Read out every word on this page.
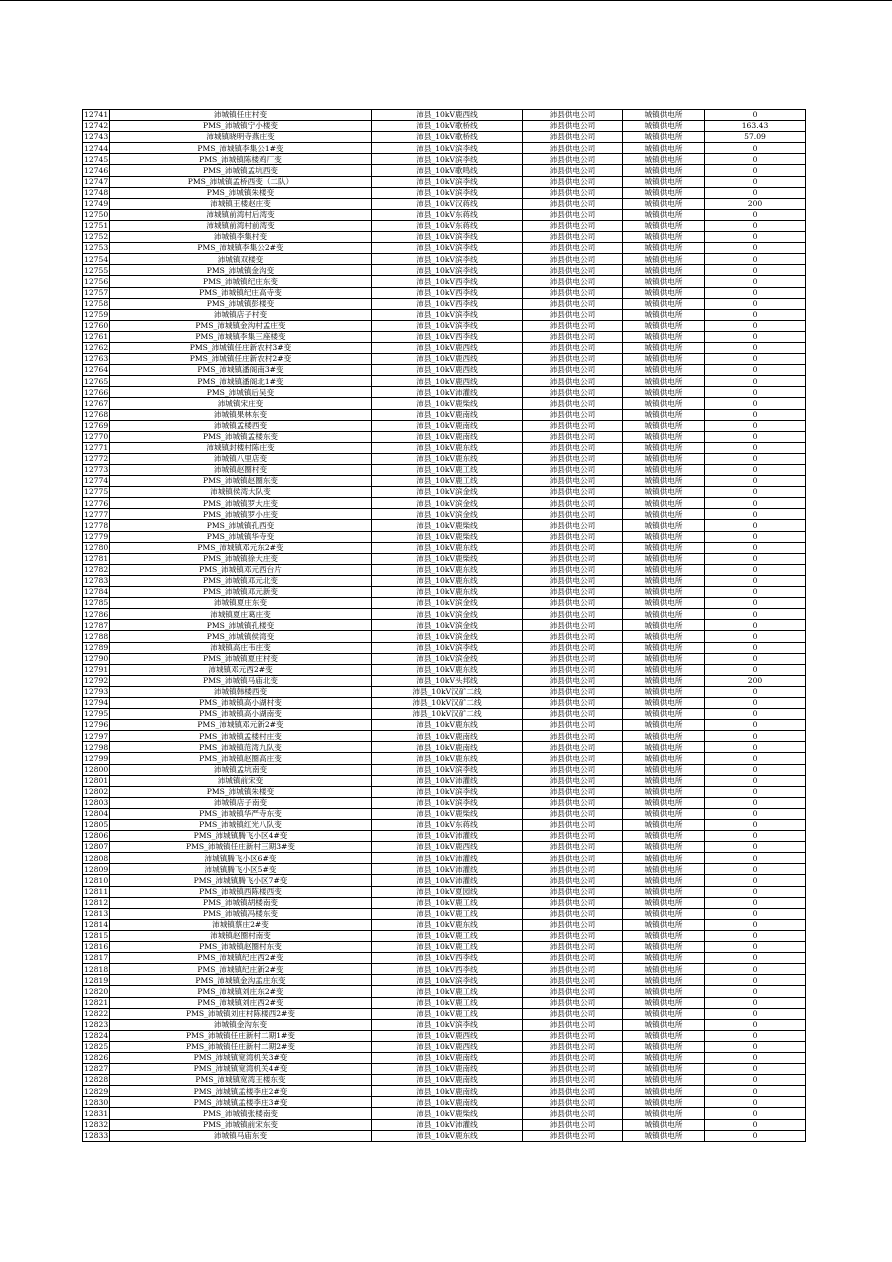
12741	沛城镇任庄村变	沛县_10kV鹿西线	沛县供电公司	城镇供电所	0
12742	PMS_沛城镇宁小楼变	沛县_10kV歌桥线	沛县供电公司	城镇供电所	163.43
12743	沛城镇晓明寺燕庄变	沛县_10kV歌桥线	沛县供电公司	城镇供电所	57.09
12744	PMS_沛城镇李集公1#变	沛县_10kV滨李线	沛县供电公司	城镇供电所	0
12745	PMS_沛城镇陈楼鸡厂变	沛县_10kV滨李线	沛县供电公司	城镇供电所	0
12746	PMS_沛城镇孟坑西变	沛县_10kV歌鸣线	沛县供电公司	城镇供电所	0
12747	PMS_沛城镇孟桥西变（二队）	沛县_10kV滨李线	沛县供电公司	城镇供电所	0
12748	PMS_沛城镇朱楼变	沛县_10kV滨李线	沛县供电公司	城镇供电所	0
12749	沛城镇王楼赵庄变	沛县_10kV汉蒋线	沛县供电公司	城镇供电所	200
12750	沛城镇前湾村后湾变	沛县_10kV东蒋线	沛县供电公司	城镇供电所	0
12751	沛城镇前湾村前湾变	沛县_10kV东蒋线	沛县供电公司	城镇供电所	0
12752	沛城镇李集村变	沛县_10kV滨李线	沛县供电公司	城镇供电所	0
12753	PMS_沛城镇李集公2#变	沛县_10kV滨李线	沛县供电公司	城镇供电所	0
12754	沛城镇双楼变	沛县_10kV滨李线	沛县供电公司	城镇供电所	0
12755	PMS_沛城镇金沟变	沛县_10kV滨李线	沛县供电公司	城镇供电所	0
12756	PMS_沛城镇纪庄东变	沛县_10kV西李线	沛县供电公司	城镇供电所	0
12757	PMS_沛城镇纪庄高寺变	沛县_10kV西李线	沛县供电公司	城镇供电所	0
12758	PMS_沛城镇彭楼变	沛县_10kV西李线	沛县供电公司	城镇供电所	0
12759	沛城镇店子村变	沛县_10kV滨李线	沛县供电公司	城镇供电所	0
12760	PMS_沛城镇金沟村孟庄变	沛县_10kV滨李线	沛县供电公司	城镇供电所	0
12761	PMS_沛城镇李集三座楼变	沛县_10kV西李线	沛县供电公司	城镇供电所	0
12762	PMS_沛城镇任庄新农村3#变	沛县_10kV鹿西线	沛县供电公司	城镇供电所	0
12763	PMS_沛城镇任庄新农村2#变	沛县_10kV鹿西线	沛县供电公司	城镇供电所	0
12764	PMS_沛城镇潘阁南3#变	沛县_10kV鹿西线	沛县供电公司	城镇供电所	0
12765	PMS_沛城镇潘阁北1#变	沛县_10kV鹿西线	沛县供电公司	城镇供电所	0
12766	PMS_沛城镇后吴变	沛县_10kV沛灌线	沛县供电公司	城镇供电所	0
12767	沛城镇宋庄变	沛县_10kV鹿柴线	沛县供电公司	城镇供电所	0
12768	沛城镇果林东变	沛县_10kV鹿南线	沛县供电公司	城镇供电所	0
12769	沛城镇孟楼西变	沛县_10kV鹿南线	沛县供电公司	城镇供电所	0
12770	PMS_沛城镇孟楼东变	沛县_10kV鹿南线	沛县供电公司	城镇供电所	0
12771	沛城镇封楼村陈庄变	沛县_10kV鹿东线	沛县供电公司	城镇供电所	0
12772	沛城镇八里店变	沛县_10kV鹿东线	沛县供电公司	城镇供电所	0
12773	沛城镇赵圈村变	沛县_10kV鹿工线	沛县供电公司	城镇供电所	0
12774	PMS_沛城镇赵圈东变	沛县_10kV鹿工线	沛县供电公司	城镇供电所	0
12775	沛城镇侯湾大队变	沛县_10kV滨金线	沛县供电公司	城镇供电所	0
12776	PMS_沛城镇罗大庄变	沛县_10kV滨金线	沛县供电公司	城镇供电所	0
12777	PMS_沛城镇罗小庄变	沛县_10kV滨金线	沛县供电公司	城镇供电所	0
12778	PMS_沛城镇孔西变	沛县_10kV鹿柴线	沛县供电公司	城镇供电所	0
12779	PMS_沛城镇华寺变	沛县_10kV鹿柴线	沛县供电公司	城镇供电所	0
12780	PMS_沛城镇邓元东2#变	沛县_10kV鹿东线	沛县供电公司	城镇供电所	0
12781	PMS_沛城镇徐大庄变	沛县_10kV鹿柴线	沛县供电公司	城镇供电所	0
12782	PMS_沛城镇邓元西台片	沛县_10kV鹿东线	沛县供电公司	城镇供电所	0
12783	PMS_沛城镇邓元北变	沛县_10kV鹿东线	沛县供电公司	城镇供电所	0
12784	PMS_沛城镇邓元新变	沛县_10kV鹿东线	沛县供电公司	城镇供电所	0
12785	沛城镇夏庄东变	沛县_10kV滨金线	沛县供电公司	城镇供电所	0
12786	沛城镇夏庄葛庄变	沛县_10kV滨金线	沛县供电公司	城镇供电所	0
12787	PMS_沛城镇孔楼变	沛县_10kV滨金线	沛县供电公司	城镇供电所	0
12788	PMS_沛城镇侯湾变	沛县_10kV滨金线	沛县供电公司	城镇供电所	0
12789	沛城镇高庄韦庄变	沛县_10kV滨李线	沛县供电公司	城镇供电所	0
12790	PMS_沛城镇夏庄村变	沛县_10kV滨金线	沛县供电公司	城镇供电所	0
12791	沛城镇邓元西2#变	沛县_10kV鹿东线	沛县供电公司	城镇供电所	0
12792	PMS_沛城镇马庙北变	沛县_10kV头邦线	沛县供电公司	城镇供电所	200
12793	沛城镇韩楼西变	沛县_10kV汉矿二线	沛县供电公司	城镇供电所	0
12794	PMS_沛城镇高小湖村变	沛县_10kV汉矿二线	沛县供电公司	城镇供电所	0
12795	PMS_沛城镇高小湖南变	沛县_10kV汉矿二线	沛县供电公司	城镇供电所	0
12796	PMS_沛城镇邓元新2#变	沛县_10kV鹿东线	沛县供电公司	城镇供电所	0
12797	PMS_沛城镇孟楼村庄变	沛县_10kV鹿南线	沛县供电公司	城镇供电所	0
12798	PMS_沛城镇范湾九队变	沛县_10kV鹿南线	沛县供电公司	城镇供电所	0
12799	PMS_沛城镇赵圈高庄变	沛县_10kV鹿东线	沛县供电公司	城镇供电所	0
12800	沛城镇孟坑南变	沛县_10kV滨李线	沛县供电公司	城镇供电所	0
12801	沛城镇前宋变	沛县_10kV沛灌线	沛县供电公司	城镇供电所	0
12802	PMS_沛城镇朱楼变	沛县_10kV滨李线	沛县供电公司	城镇供电所	0
12803	沛城镇店子南变	沛县_10kV滨李线	沛县供电公司	城镇供电所	0
12804	PMS_沛城镇华严寺东变	沛县_10kV鹿柴线	沛县供电公司	城镇供电所	0
12805	PMS_沛城镇红光八队变	沛县_10kV东蒋线	沛县供电公司	城镇供电所	0
12806	PMS_沛城镇腾飞小区4#变	沛县_10kV沛灌线	沛县供电公司	城镇供电所	0
12807	PMS_沛城镇任庄新村三期3#变	沛县_10kV鹿西线	沛县供电公司	城镇供电所	0
12808	沛城镇腾飞小区6#变	沛县_10kV沛灌线	沛县供电公司	城镇供电所	0
12809	沛城镇腾飞小区5#变	沛县_10kV沛灌线	沛县供电公司	城镇供电所	0
12810	PMS_沛城镇腾飞小区7#变	沛县_10kV沛灌线	沛县供电公司	城镇供电所	0
12811	PMS_沛城镇西陈楼西变	沛县_10kV夏园线	沛县供电公司	城镇供电所	0
12812	PMS_沛城镇胡楼南变	沛县_10kV鹿工线	沛县供电公司	城镇供电所	0
12813	PMS_沛城镇冯楼东变	沛县_10kV鹿工线	沛县供电公司	城镇供电所	0
12814	沛城镇蔡庄2#变	沛县_10kV鹿东线	沛县供电公司	城镇供电所	0
12815	沛城镇赵圈村南变	沛县_10kV鹿工线	沛县供电公司	城镇供电所	0
12816	PMS_沛城镇赵圈村东变	沛县_10kV鹿工线	沛县供电公司	城镇供电所	0
12817	PMS_沛城镇纪庄西2#变	沛县_10kV西李线	沛县供电公司	城镇供电所	0
12818	PMS_沛城镇纪庄新2#变	沛县_10kV西李线	沛县供电公司	城镇供电所	0
12819	PMS_沛城镇金沟孟庄东变	沛县_10kV滨李线	沛县供电公司	城镇供电所	0
12820	PMS_沛城镇刘庄东2#变	沛县_10kV鹿工线	沛县供电公司	城镇供电所	0
12821	PMS_沛城镇刘庄西2#变	沛县_10kV鹿工线	沛县供电公司	城镇供电所	0
12822	PMS_沛城镇刘庄村陈楼西2#变	沛县_10kV鹿工线	沛县供电公司	城镇供电所	0
12823	沛城镇金沟东变	沛县_10kV滨李线	沛县供电公司	城镇供电所	0
12824	PMS_沛城镇任庄新村二期1#变	沛县_10kV鹿西线	沛县供电公司	城镇供电所	0
12825	PMS_沛城镇任庄新村二期2#变	沛县_10kV鹿西线	沛县供电公司	城镇供电所	0
12826	PMS_沛城镇宽湾机关3#变	沛县_10kV鹿南线	沛县供电公司	城镇供电所	0
12827	PMS_沛城镇宽湾机关4#变	沛县_10kV鹿南线	沛县供电公司	城镇供电所	0
12828	PMS_沛城镇宽湾王楼东变	沛县_10kV鹿南线	沛县供电公司	城镇供电所	0
12829	PMS_沛城镇孟楼李庄2#变	沛县_10kV鹿南线	沛县供电公司	城镇供电所	0
12830	PMS_沛城镇孟楼李庄3#变	沛县_10kV鹿南线	沛县供电公司	城镇供电所	0
12831	PMS_沛城镇张楼南变	沛县_10kV鹿柴线	沛县供电公司	城镇供电所	0
12832	PMS_沛城镇前宋东变	沛县_10kV沛灌线	沛县供电公司	城镇供电所	0
12833	沛城镇马庙东变	沛县_10kV鹿东线	沛县供电公司	城镇供电所	0
